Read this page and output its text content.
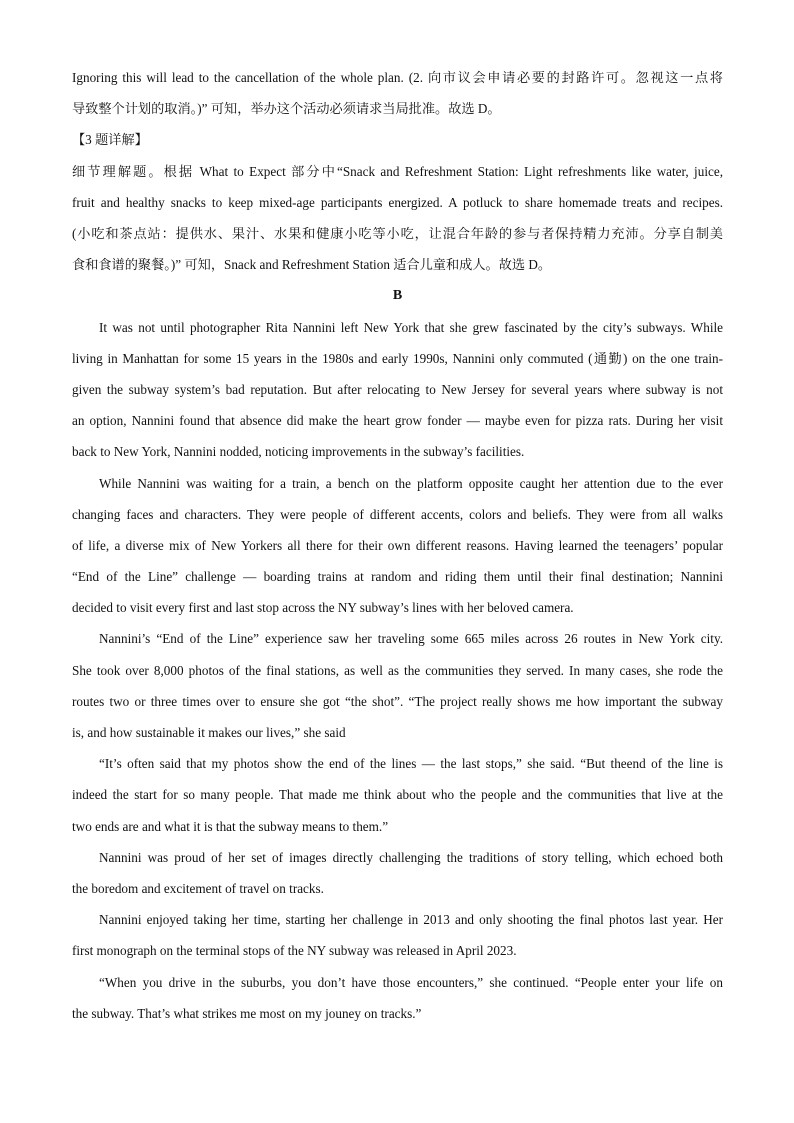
Ignoring this will lead to the cancellation of the whole plan. (2. 向市议会申请必要的封路许可。忽视这一点将

导致整个计划的取消。)” 可知，举办这个活动必须请求当局批准。故选 D。

【3 题详解】

细节理解题。根据 What to Expect 部分中“Snack and Refreshment Station: Light refreshments like water, juice,

fruit and healthy snacks to keep mixed-age participants energized. A potluck to share homemade treats and recipes.

(小吃和茶点站：提供水、果汁、水果和健康小吃等小吃，让混合年龄的参与者保持精力充沛。分享自制美

食和食谱的聚餐。)” 可知，Snack and Refreshment Station 适合儿童和成人。故选 D。

B

It was not until photographer Rita Nannini left New York that she grew fascinated by the city’s subways. While

living in Manhattan for some 15 years in the 1980s and early 1990s, Nannini only commuted (通勤) on the one train-

given the subway system’s bad reputation. But after relocating to New Jersey for several years where subway is not

an option, Nannini found that absence did make the heart grow fonder — maybe even for pizza rats. During her visit

back to New York, Nannini nodded, noticing improvements in the subway’s facilities.

While Nannini was waiting for a train, a bench on the platform opposite caught her attention due to the ever

changing faces and characters. They were people of different accents, colors and beliefs. They were from all walks

of life, a diverse mix of New Yorkers all there for their own different reasons. Having learned the teenagers’ popular

“End of the Line” challenge — boarding trains at random and riding them until their final destination; Nannini

decided to visit every first and last stop across the NY subway’s lines with her beloved camera.

Nannini’s “End of the Line” experience saw her traveling some 665 miles across 26 routes in New York city.

She took over 8,000 photos of the final stations, as well as the communities they served. In many cases, she rode the

routes two or three times over to ensure she got “the shot”. “The project really shows me how important the subway

is, and how sustainable it makes our lives,” she said

“It’s often said that my photos show the end of the lines — the last stops,” she said. “But theend of the line is

indeed the start for so many people. That made me think about who the people and the communities that live at the

two ends are and what it is that the subway means to them.”

Nannini was proud of her set of images directly challenging the traditions of story telling, which echoed both

the boredom and excitement of travel on tracks.

Nannini enjoyed taking her time, starting her challenge in 2013 and only shooting the final photos last year. Her

first monograph on the terminal stops of the NY subway was released in April 2023.

“When you drive in the suburbs, you don’t have those encounters,” she continued. “People enter your life on

the subway. That’s what strikes me most on my jouney on tracks.”
